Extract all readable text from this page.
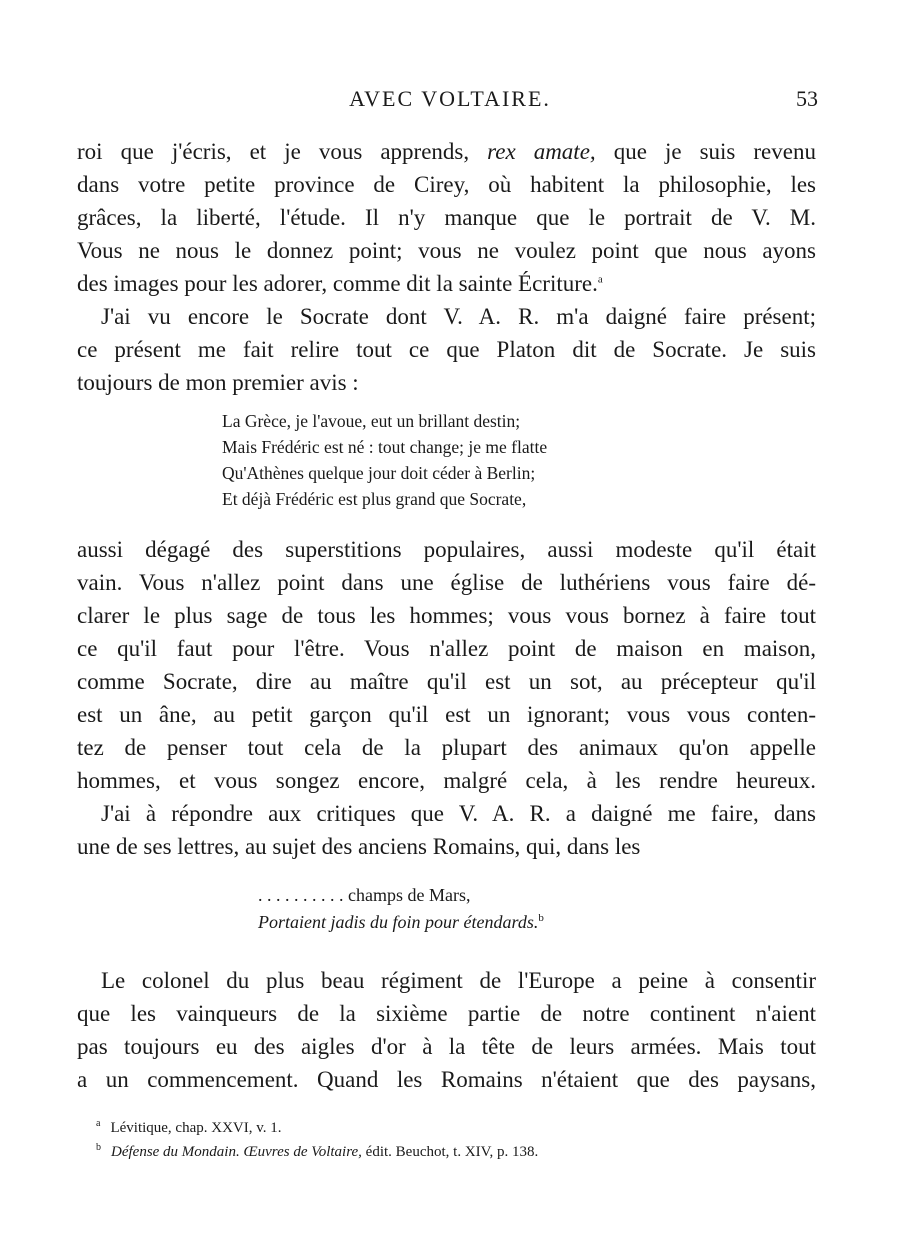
AVEC VOLTAIRE.	53
roi que j'écris, et je vous apprends, rex amate, que je suis revenu
dans votre petite province de Cirey, où habitent la philosophie, les
grâces, la liberté, l'étude. Il n'y manque que le portrait de V. M.
Vous ne nous le donnez point; vous ne voulez point que nous ayons
des images pour les adorer, comme dit la sainte Écriture.$^a$
J'ai vu encore le Socrate dont V. A. R. m'a daigné faire présent;
ce présent me fait relire tout ce que Platon dit de Socrate. Je suis
toujours de mon premier avis :
La Grèce, je l'avoue, eut un brillant destin;
Mais Frédéric est né : tout change; je me flatte
Qu'Athènes quelque jour doit céder à Berlin;
Et déjà Frédéric est plus grand que Socrate,
aussi dégagé des superstitions populaires, aussi modeste qu'il était
vain. Vous n'allez point dans une église de luthériens vous faire dé-
clarer le plus sage de tous les hommes; vous vous bornez à faire tout
ce qu'il faut pour l'être. Vous n'allez point de maison en maison,
comme Socrate, dire au maître qu'il est un sot, au précepteur qu'il
est un âne, au petit garçon qu'il est un ignorant; vous vous conten-
tez de penser tout cela de la plupart des animaux qu'on appelle
hommes, et vous songez encore, malgré cela, à les rendre heureux.
J'ai à répondre aux critiques que V. A. R. a daigné me faire, dans
une de ses lettres, au sujet des anciens Romains, qui, dans les
. . . . . . . . . . champs de Mars,
Portaient jadis du foin pour étendards.$^b$
Le colonel du plus beau régiment de l'Europe a peine à consentir
que les vainqueurs de la sixième partie de notre continent n'aient
pas toujours eu des aigles d'or à la tête de leurs armées. Mais tout
a un commencement. Quand les Romains n'étaient que des paysans,
$^a$ Lévitique, chap. XXVI, v. 1.
$^b$ Défense du Mondain. Œuvres de Voltaire, édit. Beuchot, t. XIV, p. 138.
